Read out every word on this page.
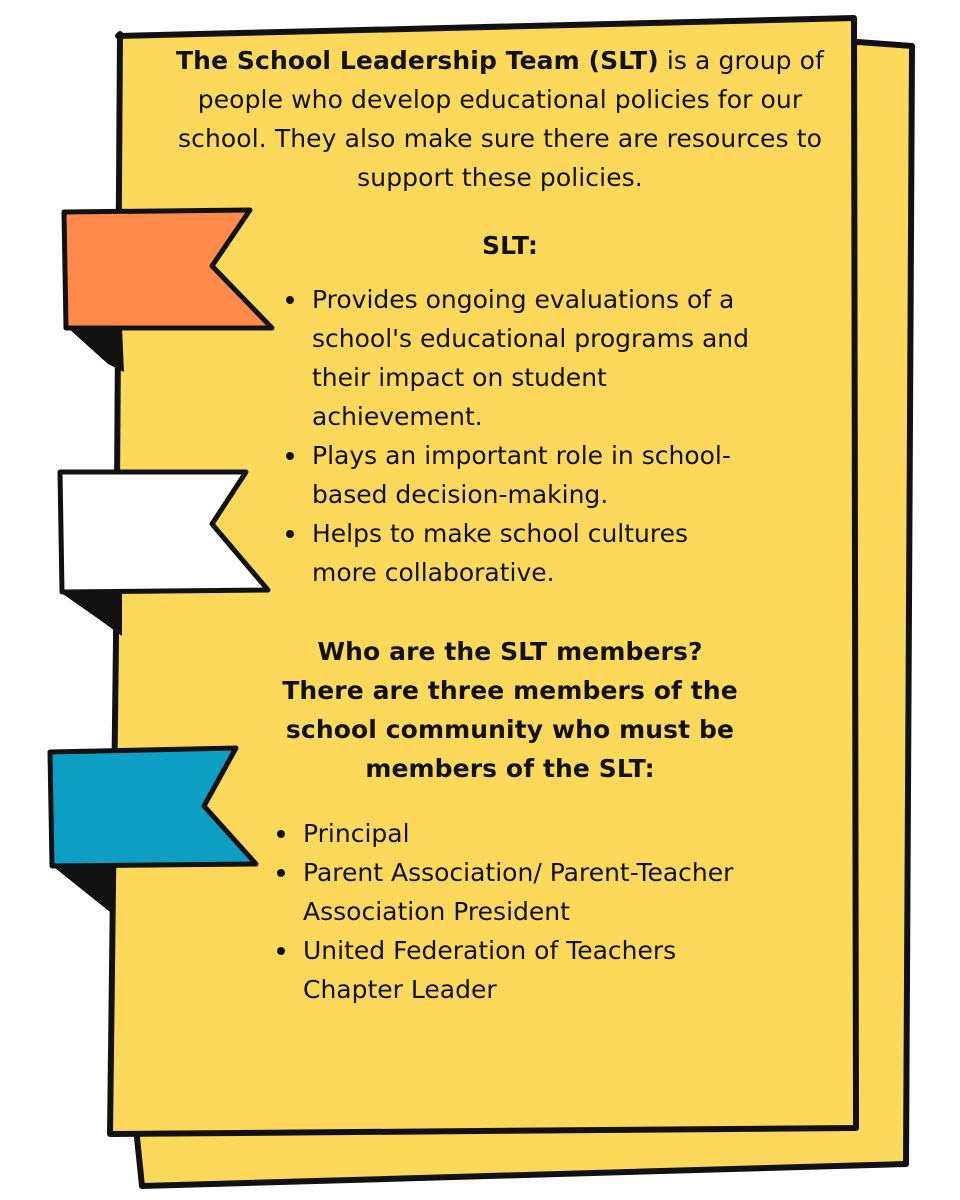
The School Leadership Team (SLT) is a group of people who develop educational policies for our school. They also make sure there are resources to support these policies.

SLT:

Provides ongoing evaluations of a school's educational programs and their impact on student achievement.
Plays an important role in school-based decision-making.
Helps to make school cultures more collaborative.
Who are the SLT members?
There are three members of the school community who must be members of the SLT:
Principal
Parent Association/ Parent-Teacher Association President
United Federation of Teachers Chapter Leader
